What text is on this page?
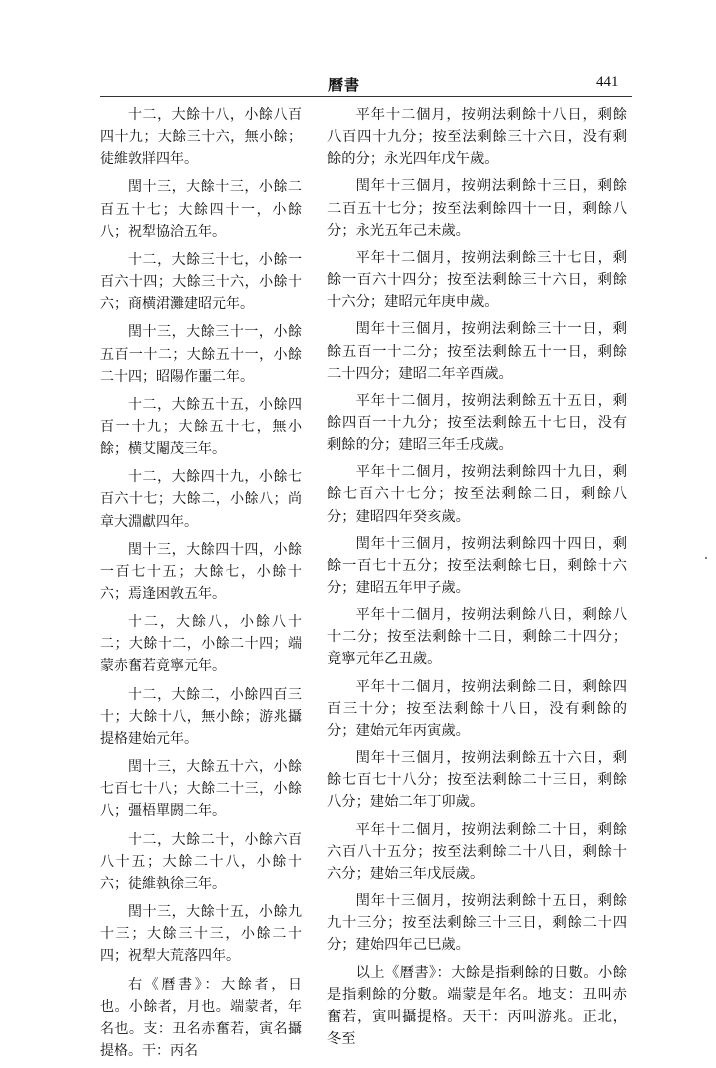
曆書	441

十二，大餘十八，小餘八百四十九；大餘三十六，無小餘；徒維敦牂四年。

閏十三，大餘十三，小餘二百五十七；大餘四十一，小餘八；祝犁協洽五年。

十二，大餘三十七，小餘一百六十四；大餘三十六，小餘十六；商横涒灘建昭元年。

閏十三，大餘三十一，小餘五百一十二；大餘五十一，小餘二十四；昭陽作噩二年。

十二，大餘五十五，小餘四百一十九；大餘五十七，無小餘；横艾閹茂三年。

十二，大餘四十九，小餘七百六十七；大餘二，小餘八；尚章大淵獻四年。

閏十三，大餘四十四，小餘一百七十五；大餘七，小餘十六；焉逢困敦五年。

十二，大餘八，小餘八十二；大餘十二，小餘二十四；端蒙赤奮若竟寧元年。

十二，大餘二，小餘四百三十；大餘十八，無小餘；游兆攝提格建始元年。

閏十三，大餘五十六，小餘七百七十八；大餘二十三，小餘八；彊梧單閼二年。

十二，大餘二十，小餘六百八十五；大餘二十八，小餘十六；徒維執徐三年。

閏十三，大餘十五，小餘九十三；大餘三十三，小餘二十四；祝犁大荒落四年。

右《曆書》：大餘者，日也。小餘者，月也。端蒙者，年名也。支：丑名赤奮若，寅名攝提格。干：丙名

平年十二個月，按朔法剩餘十八日，剩餘八百四十九分；按至法剩餘三十六日，没有剩餘的分；永光四年戊午歲。

閏年十三個月，按朔法剩餘十三日，剩餘二百五十七分；按至法剩餘四十一日，剩餘八分；永光五年己未歲。

平年十二個月，按朔法剩餘三十七日，剩餘一百六十四分；按至法剩餘三十六日，剩餘十六分；建昭元年庚申歲。

閏年十三個月，按朔法剩餘三十一日，剩餘五百一十二分；按至法剩餘五十一日，剩餘二十四分；建昭二年辛酉歲。

平年十二個月，按朔法剩餘五十五日，剩餘四百一十九分；按至法剩餘五十七日，没有剩餘的分；建昭三年壬戌歲。

平年十二個月，按朔法剩餘四十九日，剩餘七百六十七分；按至法剩餘二日，剩餘八分；建昭四年癸亥歲。

閏年十三個月，按朔法剩餘四十四日，剩餘一百七十五分；按至法剩餘七日，剩餘十六分；建昭五年甲子歲。

平年十二個月，按朔法剩餘八日，剩餘八十二分；按至法剩餘十二日，剩餘二十四分；竟寧元年乙丑歲。

平年十二個月，按朔法剩餘二日，剩餘四百三十分；按至法剩餘十八日，没有剩餘的分；建始元年丙寅歲。

閏年十三個月，按朔法剩餘五十六日，剩餘七百七十八分；按至法剩餘二十三日，剩餘八分；建始二年丁卯歲。

平年十二個月，按朔法剩餘二十日，剩餘六百八十五分；按至法剩餘二十八日，剩餘十六分；建始三年戊辰歲。

閏年十三個月，按朔法剩餘十五日，剩餘九十三分；按至法剩餘三十三日，剩餘二十四分；建始四年己巳歲。

以上《曆書》：大餘是指剩餘的日數。小餘是指剩餘的分數。端蒙是年名。地支：丑叫赤奮若，寅叫攝提格。天干：丙叫游兆。正北，冬至
